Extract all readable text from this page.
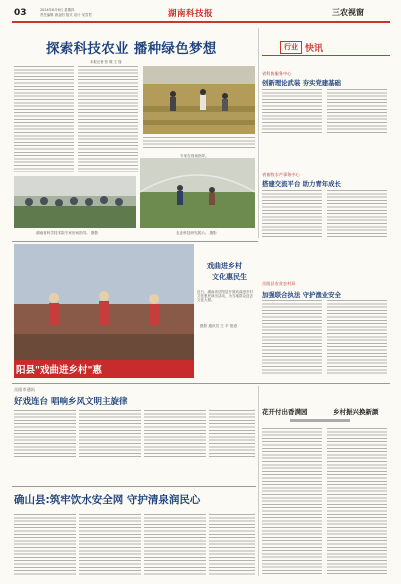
03	2024年6月6日 星期四
责任编辑 唐金阳 版式 设计 吴雪君	湖南科技报	三农视窗
探索科技农业 播种绿色梦想
本报记者 张 敬 王 翔
专家在现场指导。
湖南省科学技术院专家田间指导。 摄影	农业科技研究展示。 摄影
行业 快讯
省科协服务中心
创新理论武装 夯实党建基础
省畜牧水产事务中心
搭建交流平台 助力青年成长
岳阳县农业农村局
加强联合执法 守护渔业安全
阳县"戏曲进乡村"惠
戏曲进乡村
文化惠民生
近日，湖南省岳阳县开展戏曲进乡村文化惠民演出活动，为当地群众送去文化大餐。
摄影 通讯员 王 平 报道
岳阳市通讯
好戏连台 唱响乡风文明主旋律
确山县:筑牢饮水安全网 守护清泉润民心
花开付出香满园	乡村振兴换新颜
